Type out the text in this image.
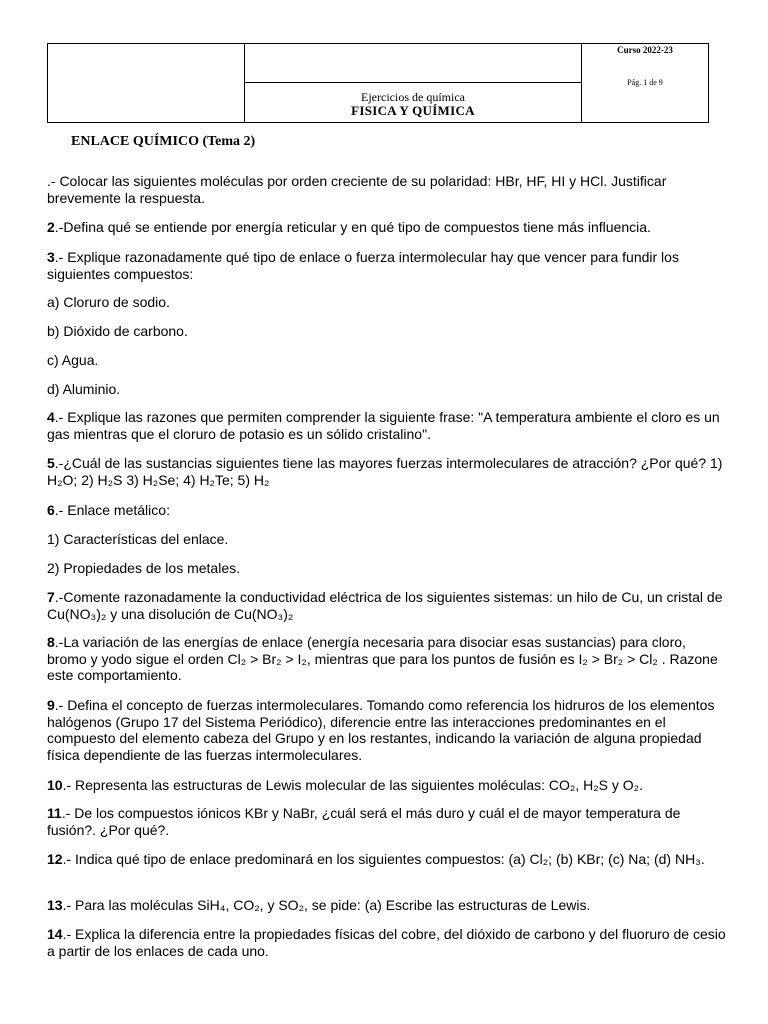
Curso 2022-23
Pág. 1 de 9

Ejercicios de química
FISICA Y QUÍMICA
ENLACE QUÍMICO (Tema 2)
.- Colocar las siguientes moléculas por orden creciente de su polaridad: HBr, HF, HI y HCl. Justificar brevemente la respuesta.
2.-Defina qué se entiende por energía reticular y en qué tipo de compuestos tiene más influencia.
3.- Explique razonadamente qué tipo de enlace o fuerza intermolecular hay que vencer para fundir los siguientes compuestos:
a) Cloruro de sodio.
b) Dióxido de carbono.
c) Agua.
d) Aluminio.
4.- Explique las razones que permiten comprender la siguiente frase: "A temperatura ambiente el cloro es un gas mientras que el cloruro de potasio es un sólido cristalino".
5.-¿Cuál de las sustancias siguientes tiene las mayores fuerzas intermoleculares de atracción? ¿Por qué? 1) H₂O; 2) H₂S 3) H₂Se; 4) H₂Te; 5) H₂
6.- Enlace metálico:
1) Características del enlace.
2) Propiedades de los metales.
7.-Comente razonadamente la conductividad eléctrica de los siguientes sistemas: un hilo de Cu, un cristal de Cu(NO₃)₂ y una disolución de Cu(NO₃)₂
8.-La variación de las energías de enlace (energía necesaria para disociar esas sustancias) para cloro, bromo y yodo sigue el orden Cl₂ > Br₂ > I₂, mientras que para los puntos de fusión es I₂ > Br₂ > Cl₂ . Razone este comportamiento.
9.- Defina el concepto de fuerzas intermoleculares. Tomando como referencia los hidruros de los elementos halógenos (Grupo 17 del Sistema Periódico), diferencie entre las interacciones predominantes en el compuesto del elemento cabeza del Grupo y en los restantes, indicando la variación de alguna propiedad física dependiente de las fuerzas intermoleculares.
10.- Representa las estructuras de Lewis molecular de las siguientes moléculas: CO₂, H₂S y O₂.
11.- De los compuestos iónicos KBr y NaBr, ¿cuál será el más duro y cuál el de mayor temperatura de fusión?. ¿Por qué?.
12.- Indica qué tipo de enlace predominará en los siguientes compuestos: (a) Cl₂; (b) KBr; (c) Na; (d) NH₃.
13.- Para las moléculas SiH₄, CO₂, y SO₂, se pide: (a) Escribe las estructuras de Lewis.
14.- Explica la diferencia entre la propiedades físicas del cobre, del dióxido de carbono y del fluoruro de cesio a partir de los enlaces de cada uno.
